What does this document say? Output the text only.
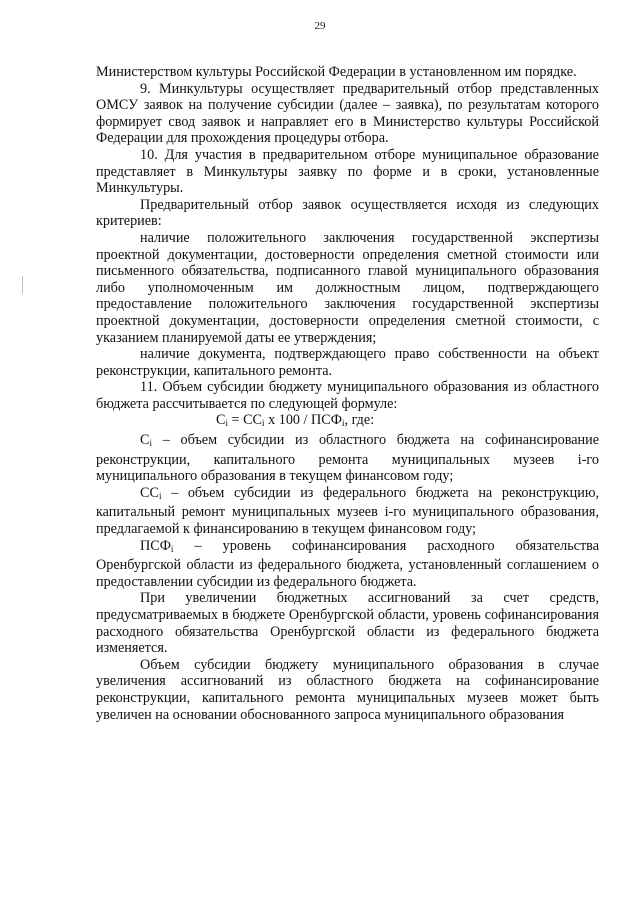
29

Министерством культуры Российской Федерации в установленном им порядке.

9. Минкультуры осуществляет предварительный отбор представленных ОМСУ заявок на получение субсидии (далее – заявка), по результатам которого формирует свод заявок и направляет его в Министерство культуры Российской Федерации для прохождения процедуры отбора.

10. Для участия в предварительном отборе муниципальное образование представляет в Минкультуры заявку по форме и в сроки, установленные Минкультуры.

Предварительный отбор заявок осуществляется исходя из следующих критериев:

наличие положительного заключения государственной экспертизы проектной документации, достоверности определения сметной стоимости или письменного обязательства, подписанного главой муниципального образования либо уполномоченным им должностным лицом, подтверждающего предоставление положительного заключения государственной экспертизы проектной документации, достоверности определения сметной стоимости, с указанием планируемой даты ее утверждения;

наличие документа, подтверждающего право собственности на объект реконструкции, капитального ремонта.

11. Объем субсидии бюджету муниципального образования из областного бюджета рассчитывается по следующей формуле:

$C_i = CC_i$ x $100 / ПСФ_i$, где:

$C_i$ – объем субсидии из областного бюджета на софинансирование реконструкции, капитального ремонта муниципальных музеев i-го муниципального образования в текущем финансовом году;

$CC_i$ – объем субсидии из федерального бюджета на реконструкцию, капитальный ремонт муниципальных музеев i-го муниципального образования, предлагаемой к финансированию в текущем финансовом году;

$ПСФ_i$ – уровень софинансирования расходного обязательства Оренбургской области из федерального бюджета, установленный соглашением о предоставлении субсидии из федерального бюджета.

При увеличении бюджетных ассигнований за счет средств, предусматриваемых в бюджете Оренбургской области, уровень софинансирования расходного обязательства Оренбургской области из федерального бюджета изменяется.

Объем субсидии бюджету муниципального образования в случае увеличения ассигнований из областного бюджета на софинансирование реконструкции, капитального ремонта муниципальных музеев может быть увеличен на основании обоснованного запроса муниципального образования
